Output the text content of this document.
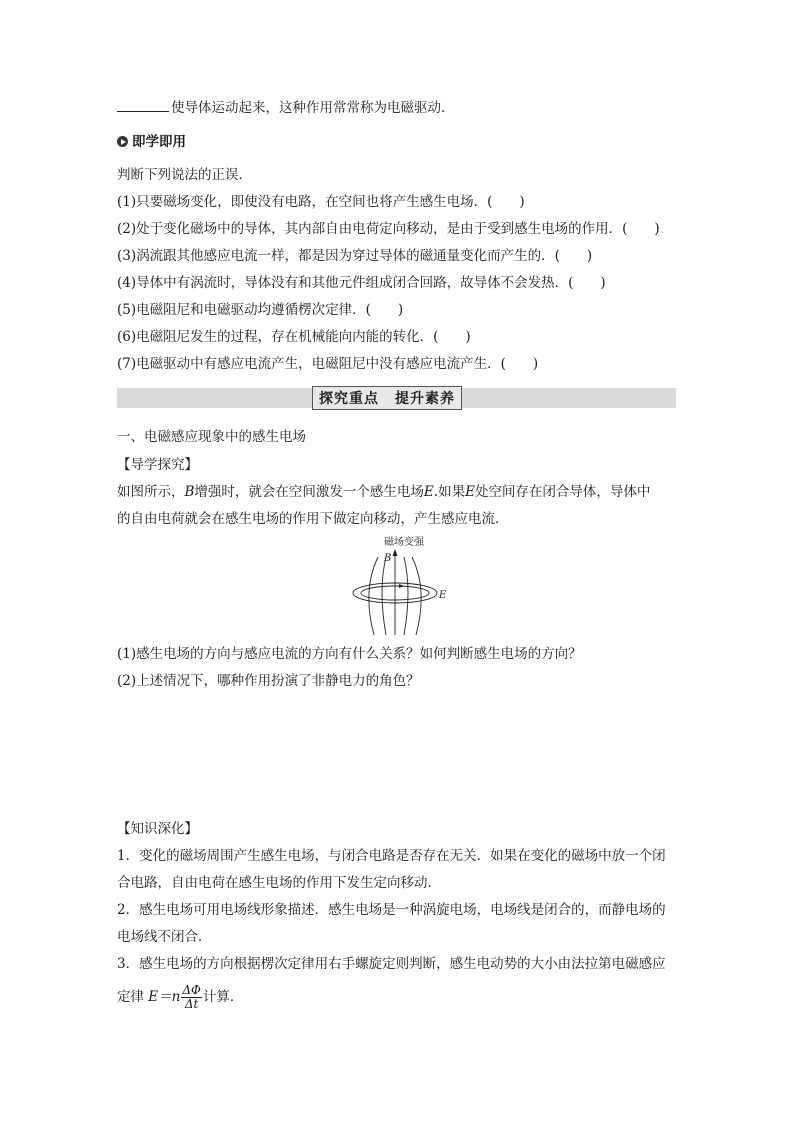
使导体运动起来，这种作用常常称为电磁驱动．
即学即用
判断下列说法的正误．
(1)只要磁场变化，即使没有电路，在空间也将产生感生电场．(　　)
(2)处于变化磁场中的导体，其内部自由电荷定向移动，是由于受到感生电场的作用．(　　)
(3)涡流跟其他感应电流一样，都是因为穿过导体的磁通量变化而产生的．(　　)
(4)导体中有涡流时，导体没有和其他元件组成闭合回路，故导体不会发热．(　　)
(5)电磁阻尼和电磁驱动均遵循楞次定律．(　　)
(6)电磁阻尼发生的过程，存在机械能向内能的转化．(　　)
(7)电磁驱动中有感应电流产生，电磁阻尼中没有感应电流产生．(　　)
探究重点 提升素养
一、电磁感应现象中的感生电场
【导学探究】
如图所示，B增强时，就会在空间激发一个感生电场E.如果E处空间存在闭合导体，导体中
的自由电荷就会在感生电场的作用下做定向移动，产生感应电流．
磁场变强
B
E
(1)感生电场的方向与感应电流的方向有什么关系？如何判断感生电场的方向？
(2)上述情况下，哪种作用扮演了非静电力的角色？
【知识深化】
1．变化的磁场周围产生感生电场，与闭合电路是否存在无关．如果在变化的磁场中放一个闭
合电路，自由电荷在感生电场的作用下发生定向移动．
2．感生电场可用电场线形象描述．感生电场是一种涡旋电场，电场线是闭合的，而静电场的
电场线不闭合．
3．感生电场的方向根据楞次定律用右手螺旋定则判断，感生电动势的大小由法拉第电磁感应
定律 $E=n \frac{\Delta\Phi}{\Delta t}$ 计算．
